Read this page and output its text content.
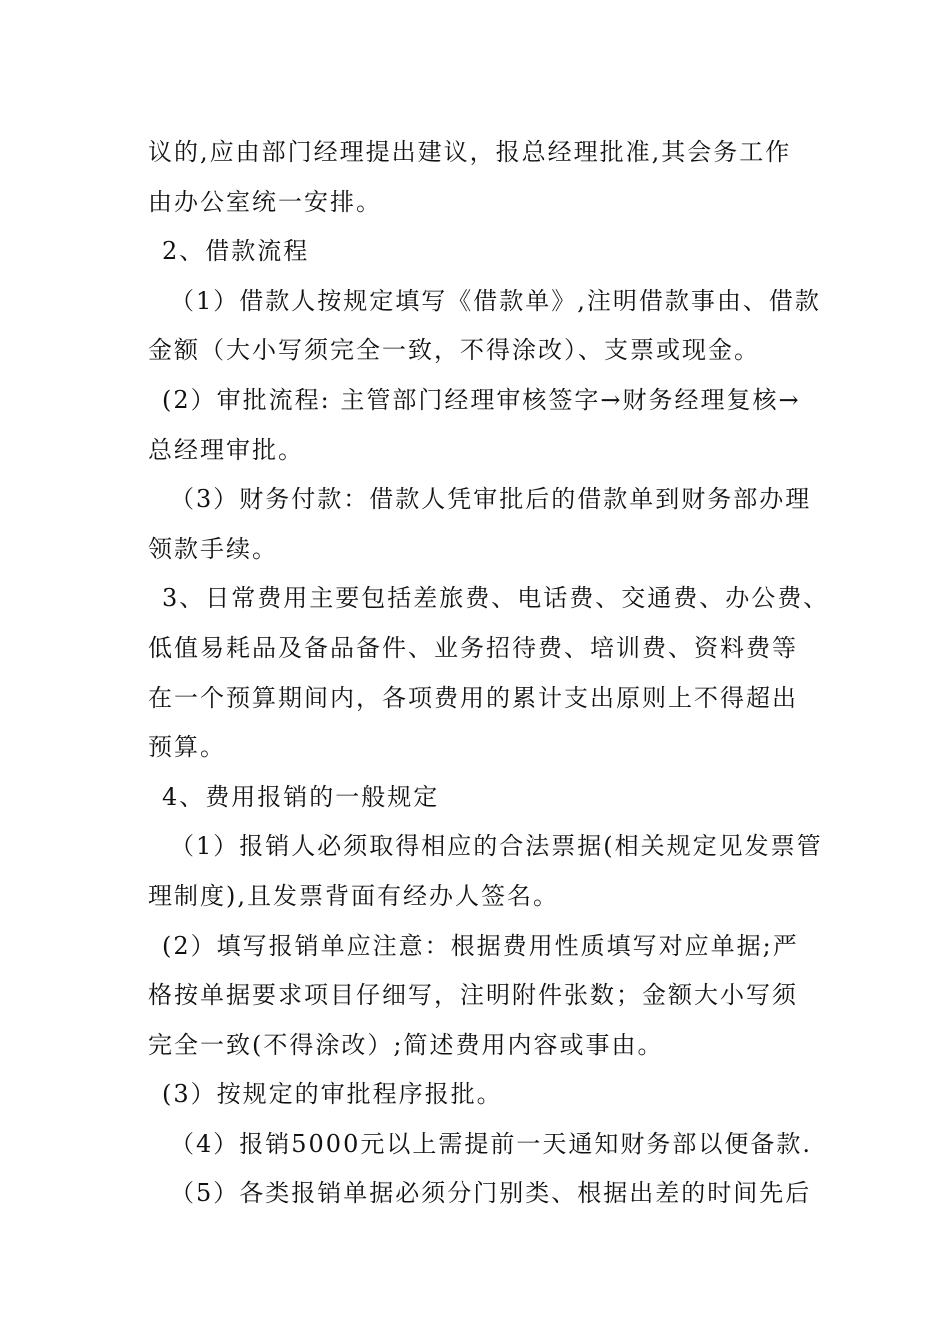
议的,应由部门经理提出建议，报总经理批准,其会务工作
由办公室统一安排。
2、借款流程
（1）借款人按规定填写《借款单》,注明借款事由、借款
金额（大小写须完全一致，不得涂改）、支票或现金。
(2）审批流程: 主管部门经理审核签字→财务经理复核→
总经理审批。
（3）财务付款：借款人凭审批后的借款单到财务部办理
领款手续。
3、日常费用主要包括差旅费、电话费、交通费、办公费、
低值易耗品及备品备件、业务招待费、培训费、资料费等
在一个预算期间内，各项费用的累计支出原则上不得超出
预算。
4、费用报销的一般规定
（1）报销人必须取得相应的合法票据(相关规定见发票管
理制度),且发票背面有经办人签名。
(2）填写报销单应注意：根据费用性质填写对应单据;严
格按单据要求项目仔细写，注明附件张数；金额大小写须
完全一致(不得涂改）;简述费用内容或事由。
(3）按规定的审批程序报批。
（4）报销5000元以上需提前一天通知财务部以便备款.
（5）各类报销单据必须分门别类、根据出差的时间先后
